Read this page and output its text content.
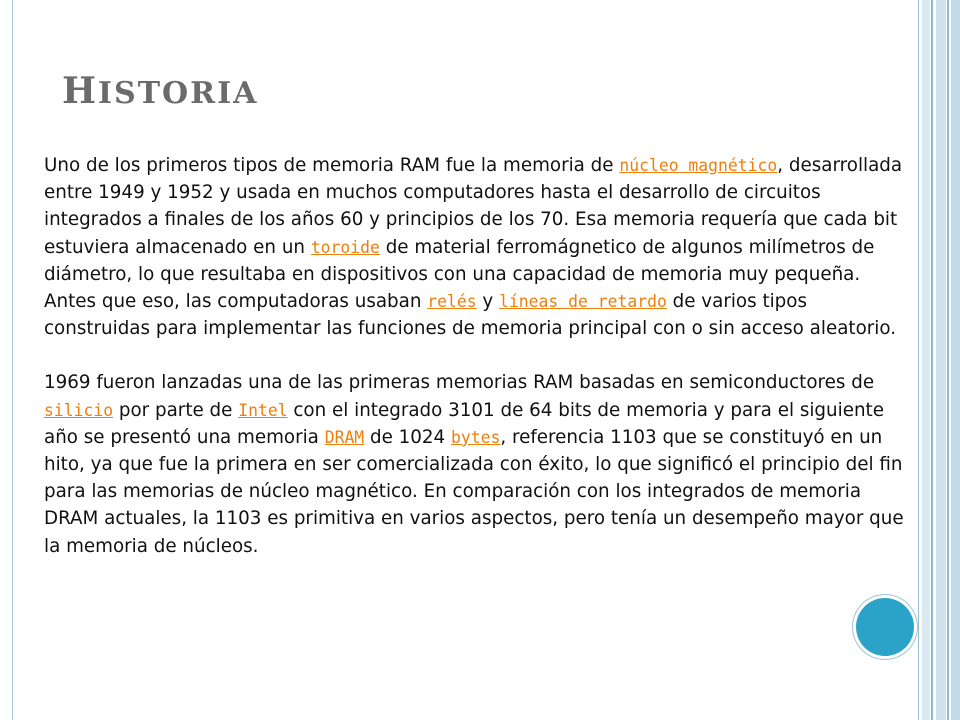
HISTORIA

Uno de los primeros tipos de memoria RAM fue la memoria de núcleo magnético, desarrollada entre 1949 y 1952 y usada en muchos computadores hasta el desarrollo de circuitos integrados a finales de los años 60 y principios de los 70. Esa memoria requería que cada bit estuviera almacenado en un toroide de material ferromágnetico de algunos milímetros de diámetro, lo que resultaba en dispositivos con una capacidad de memoria muy pequeña. Antes que eso, las computadoras usaban relés y líneas de retardo de varios tipos construidas para implementar las funciones de memoria principal con o sin acceso aleatorio.

1969 fueron lanzadas una de las primeras memorias RAM basadas en semiconductores de silicio por parte de Intel con el integrado 3101 de 64 bits de memoria y para el siguiente año se presentó una memoria DRAM de 1024 bytes, referencia 1103 que se constituyó en un hito, ya que fue la primera en ser comercializada con éxito, lo que significó el principio del fin para las memorias de núcleo magnético. En comparación con los integrados de memoria DRAM actuales, la 1103 es primitiva en varios aspectos, pero tenía un desempeño mayor que la memoria de núcleos.
